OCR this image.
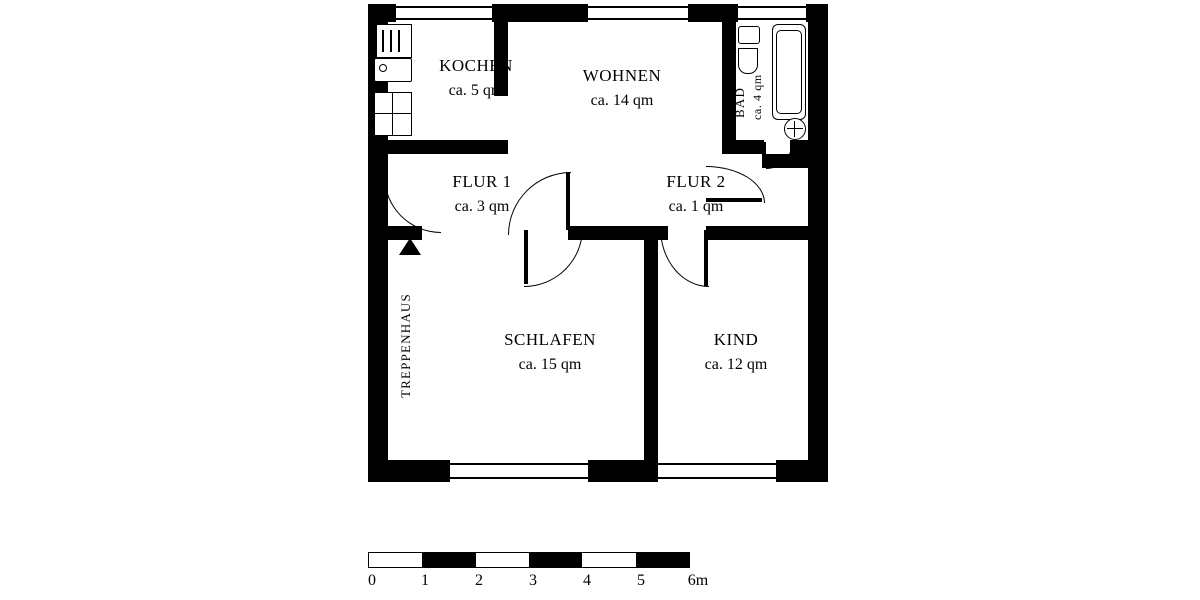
KOCHEN
ca. 5 qm
WOHNEN
ca. 14 qm	BAD ca. 4 qm
FLUR 1
ca. 3 qm
FLUR 2
ca. 1 qm
SCHLAFEN
ca. 15 qm
KIND
ca. 12 qm
TREPPENHAUS
0	1	2	3	4	5	6m
